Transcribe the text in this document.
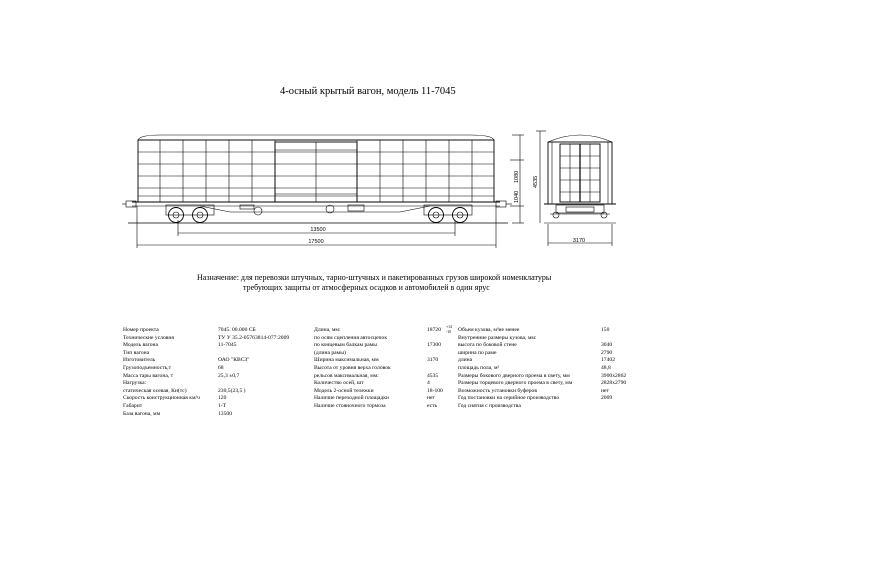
4-осный крытый вагон, модель 11-7045
13500
17500	3170
1080
1040
4535
Назначение: для перевозки штучных, тарно-штучных и пакетированных грузов широкой номенклатуры
требующих защиты от атмосферных осадков и автомобилей в один ярус
Номер проекта
Технические условия
Модель вагона
Тип вагона
Изготовитель
Грузоподъемность,т
Масса тары вагона, т
Нагрузка:
статическая осевая, Кн(тс)
Скорость конструкционная км/ч
Габарит
База вагона, мм
7045. 00.000 СБ
ТУ У 35.2-05763814-077:2009
11-7045
ОАО "КВСЗ"
68
25,3 ±0,7
230,5(23,5 )
120
1-Т
13500
Длина, мм:
по осям сцепления автосцепок
по концевым балкам рамы
(длина рамы)
Ширина максимальная, мм
Высота от уровня верха головок
рельсов максимальная, мм:
Количество осей, шт
Модель 2-осной тележки
Наличие переходной площадки
Наличие стояночного тормоза
18720
17300
3170
4535
4
18-100
нет
есть
+14
-10 Объем кузова, м³не менее
Внутренние размеры кузова, мм:
высота по боковой стене
ширина по раме
длина
площадь пола, м²
Размеры бокового дверного проема в свету, мм
Размеры торцевого дверного проема в свету, мм
Возможность установки буферов
Год постановки на серийное производство
Год снятия с производства
150
3040
2790
17402
48,8
3900x2862
2828x2790
нет
2009
